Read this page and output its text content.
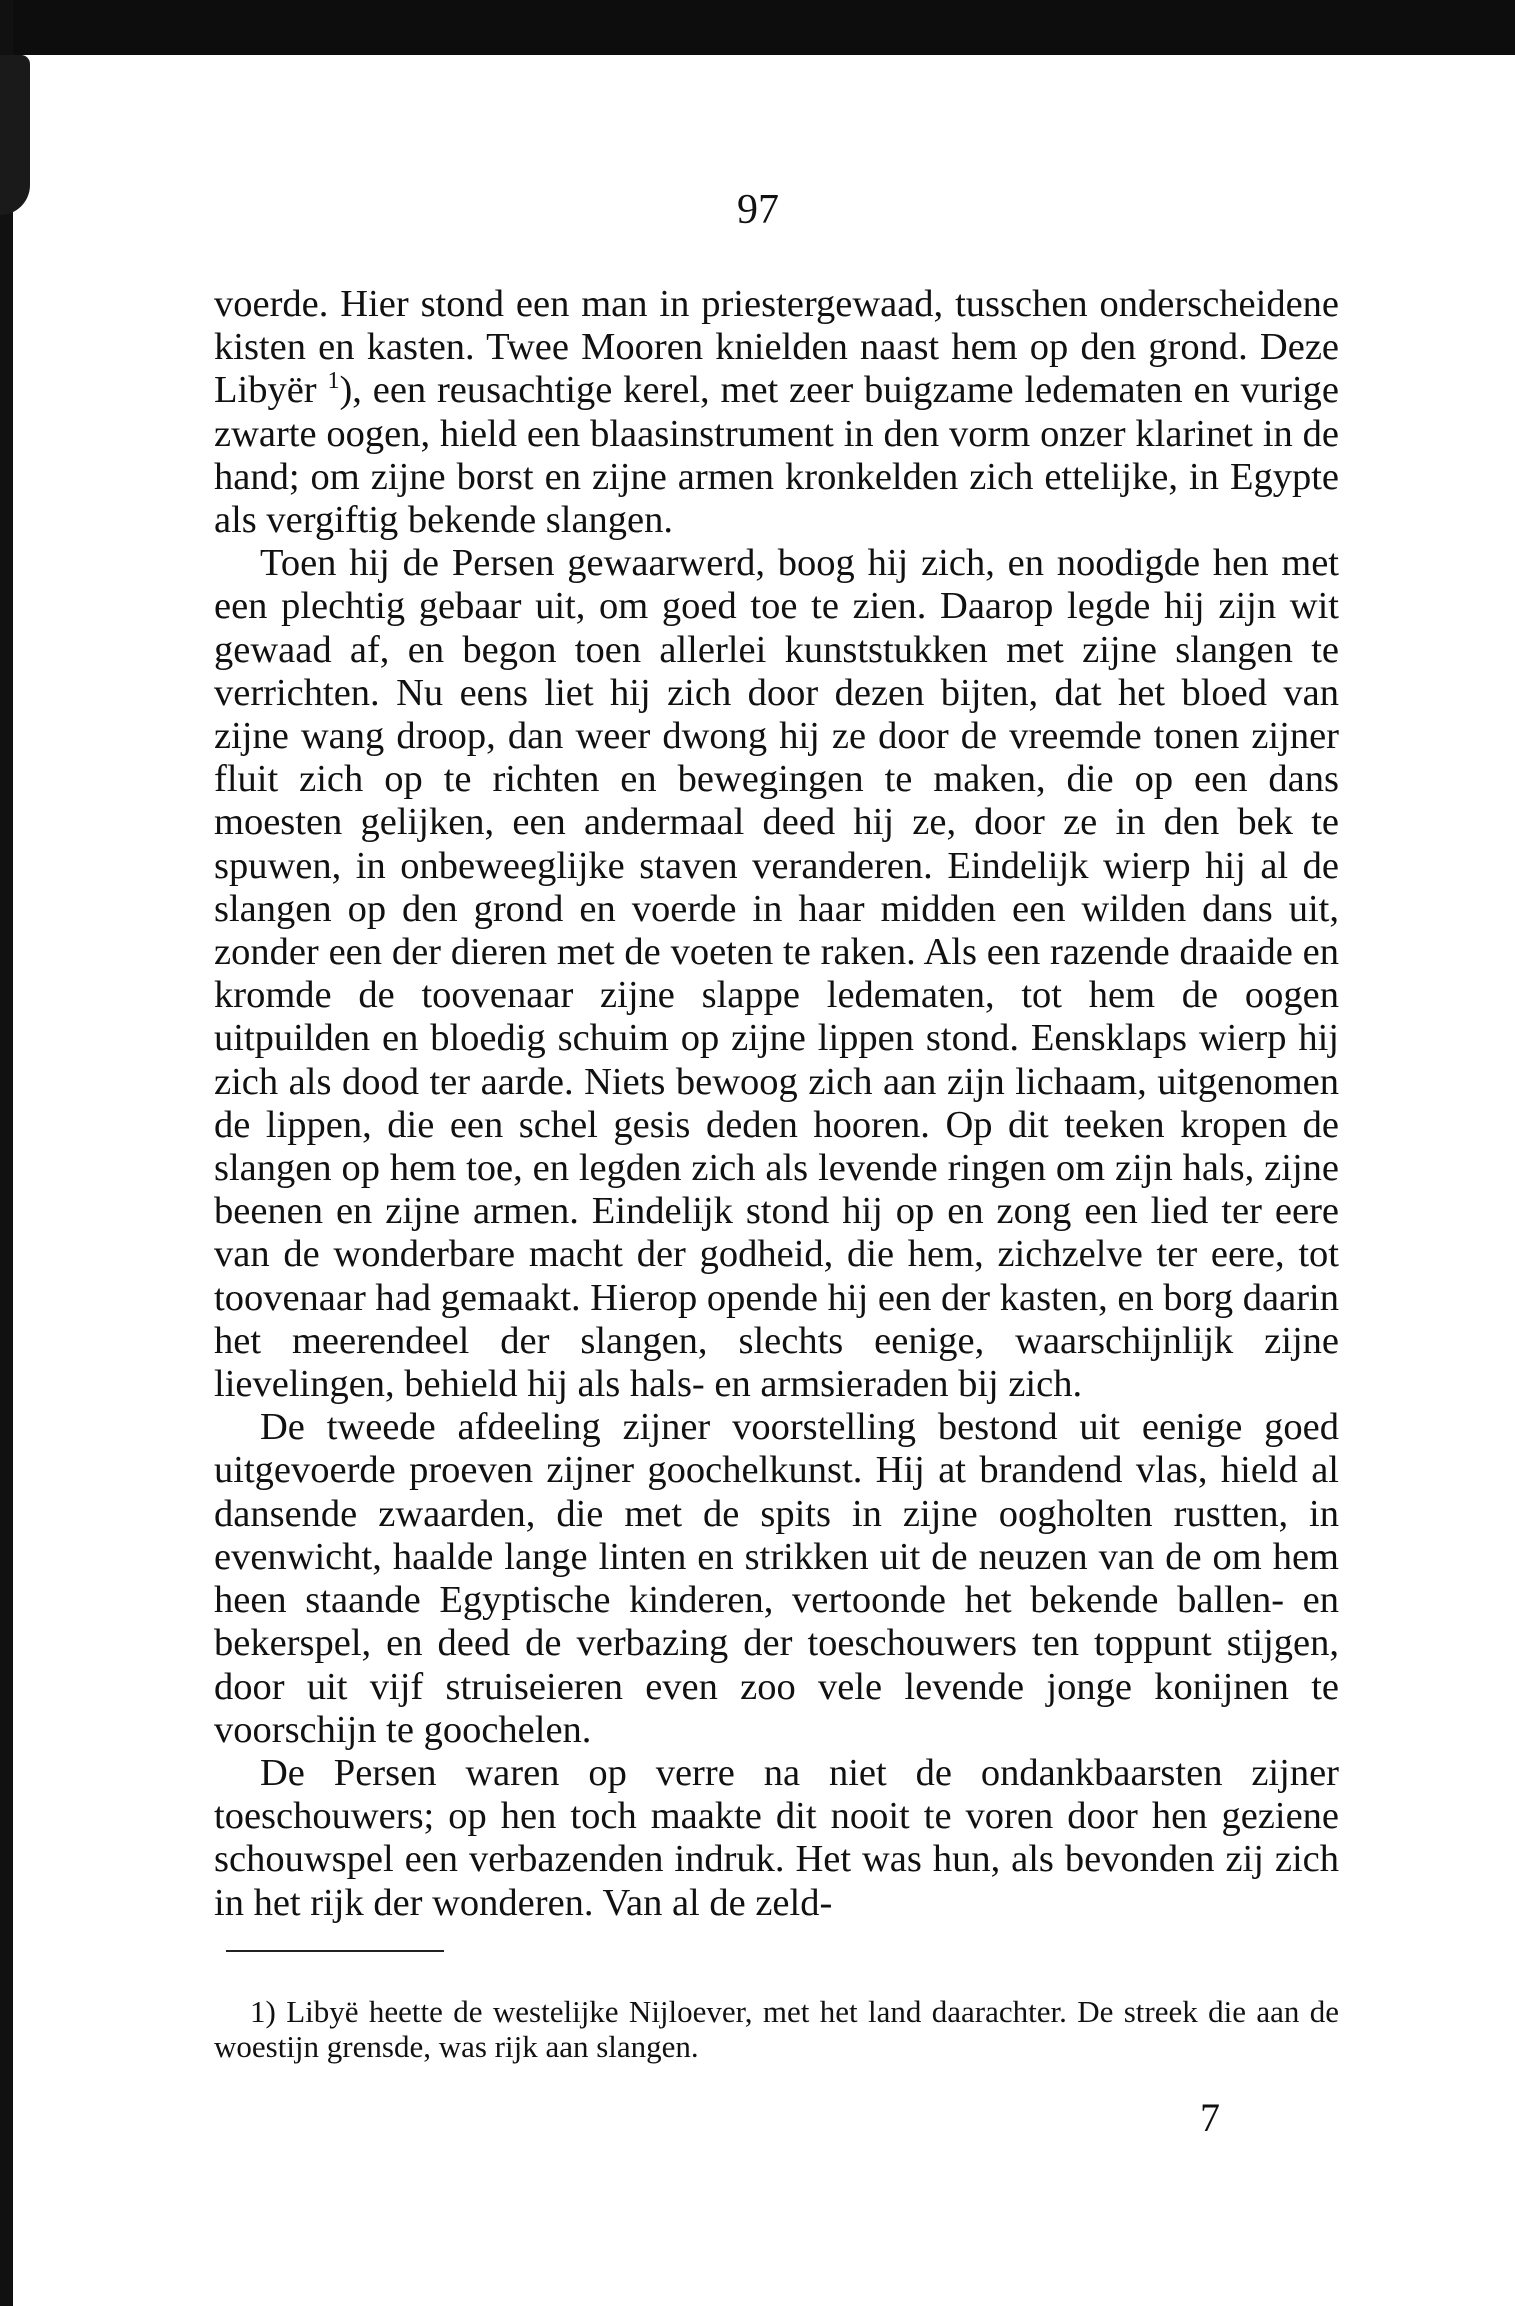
97

voerde. Hier stond een man in priestergewaad, tusschen onderscheidene kisten en kasten. Twee Mooren knielden naast hem op den grond. Deze Libyër $^1$), een reusachtige kerel, met zeer buigzame ledematen en vurige zwarte oogen, hield een blaasinstrument in den vorm onzer klarinet in de hand; om zijne borst en zijne armen kronkelden zich ettelijke, in Egypte als vergiftig bekende slangen.

Toen hij de Persen gewaarwerd, boog hij zich, en noodigde hen met een plechtig gebaar uit, om goed toe te zien. Daarop legde hij zijn wit gewaad af, en begon toen allerlei kunststukken met zijne slangen te verrichten. Nu eens liet hij zich door dezen bijten, dat het bloed van zijne wang droop, dan weer dwong hij ze door de vreemde tonen zijner fluit zich op te richten en bewegingen te maken, die op een dans moesten gelijken, een andermaal deed hij ze, door ze in den bek te spuwen, in onbeweeglijke staven veranderen. Eindelijk wierp hij al de slangen op den grond en voerde in haar midden een wilden dans uit, zonder een der dieren met de voeten te raken. Als een razende draaide en kromde de toovenaar zijne slappe ledematen, tot hem de oogen uitpuilden en bloedig schuim op zijne lippen stond. Eensklaps wierp hij zich als dood ter aarde. Niets bewoog zich aan zijn lichaam, uitgenomen de lippen, die een schel gesis deden hooren. Op dit teeken kropen de slangen op hem toe, en legden zich als levende ringen om zijn hals, zijne beenen en zijne armen. Eindelijk stond hij op en zong een lied ter eere van de wonderbare macht der godheid, die hem, zichzelve ter eere, tot toovenaar had gemaakt. Hierop opende hij een der kasten, en borg daarin het meerendeel der slangen, slechts eenige, waarschijnlijk zijne lievelingen, behield hij als hals- en armsieraden bij zich.

De tweede afdeeling zijner voorstelling bestond uit eenige goed uitgevoerde proeven zijner goochelkunst. Hij at brandend vlas, hield al dansende zwaarden, die met de spits in zijne oogholten rustten, in evenwicht, haalde lange linten en strikken uit de neuzen van de om hem heen staande Egyptische kinderen, vertoonde het bekende ballen- en bekerspel, en deed de verbazing der toeschouwers ten toppunt stijgen, door uit vijf struiseieren even zoo vele levende jonge konijnen te voorschijn te goochelen.

De Persen waren op verre na niet de ondankbaarsten zijner toeschouwers; op hen toch maakte dit nooit te voren door hen geziene schouwspel een verbazenden indruk. Het was hun, als bevonden zij zich in het rijk der wonderen. Van al de zeld-

1) Libyë heette de westelijke Nijloever, met het land daarachter. De streek die aan de woestijn grensde, was rijk aan slangen.

7
